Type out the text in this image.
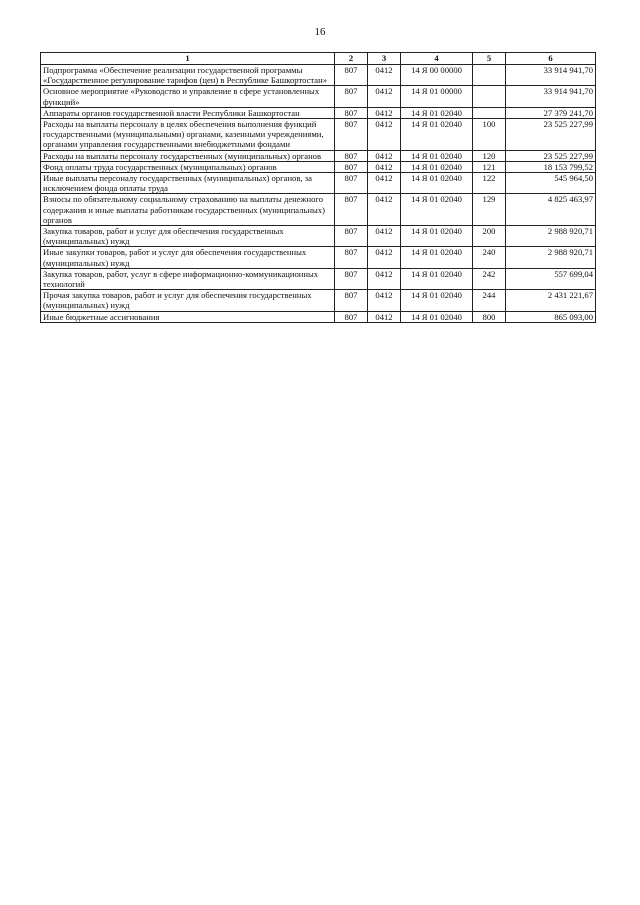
16
1	2	3	4	5	6
Подпрограмма «Обеспечение реализации государственной программы «Государственное регулирование тарифов (цен) в Республике Башкортостан»	807	0412	14 Я 00 00000		33 914 941,70
Основное мероприятие «Руководство и управление в сфере установленных функций»	807	0412	14 Я 01 00000		33 914 941,70
Аппараты органов государственной власти Республики Башкортостан	807	0412	14 Я 01 02040		27 379 241,70
Расходы на выплаты персоналу в целях обеспечения выполнения функций государственными (муниципальными) органами, казенными учреждениями, органами управления государственными внебюджетными фондами	807	0412	14 Я 01 02040	100	23 525 227,99
Расходы на выплаты персоналу государственных (муниципальных) органов	807	0412	14 Я 01 02040	120	23 525 227,99
Фонд оплаты труда государственных (муниципальных) органов	807	0412	14 Я 01 02040	121	18 153 799,52
Иные выплаты персоналу государственных (муниципальных) органов, за исключением фонда оплаты труда	807	0412	14 Я 01 02040	122	545 964,50
Взносы по обязательному социальному страхованию на выплаты денежного содержания и иные выплаты работникам государственных (муниципальных) органов	807	0412	14 Я 01 02040	129	4 825 463,97
Закупка товаров, работ и услуг для обеспечения государственных (муниципальных) нужд	807	0412	14 Я 01 02040	200	2 988 920,71
Иные закупки товаров, работ и услуг для обеспечения государственных (муниципальных) нужд	807	0412	14 Я 01 02040	240	2 988 920,71
Закупка товаров, работ, услуг в сфере информационно-коммуникационных технологий	807	0412	14 Я 01 02040	242	557 699,04
Прочая закупка товаров, работ и услуг для обеспечения государственных (муниципальных) нужд	807	0412	14 Я 01 02040	244	2 431 221,67
Иные бюджетные ассигнования	807	0412	14 Я 01 02040	800	865 093,00
